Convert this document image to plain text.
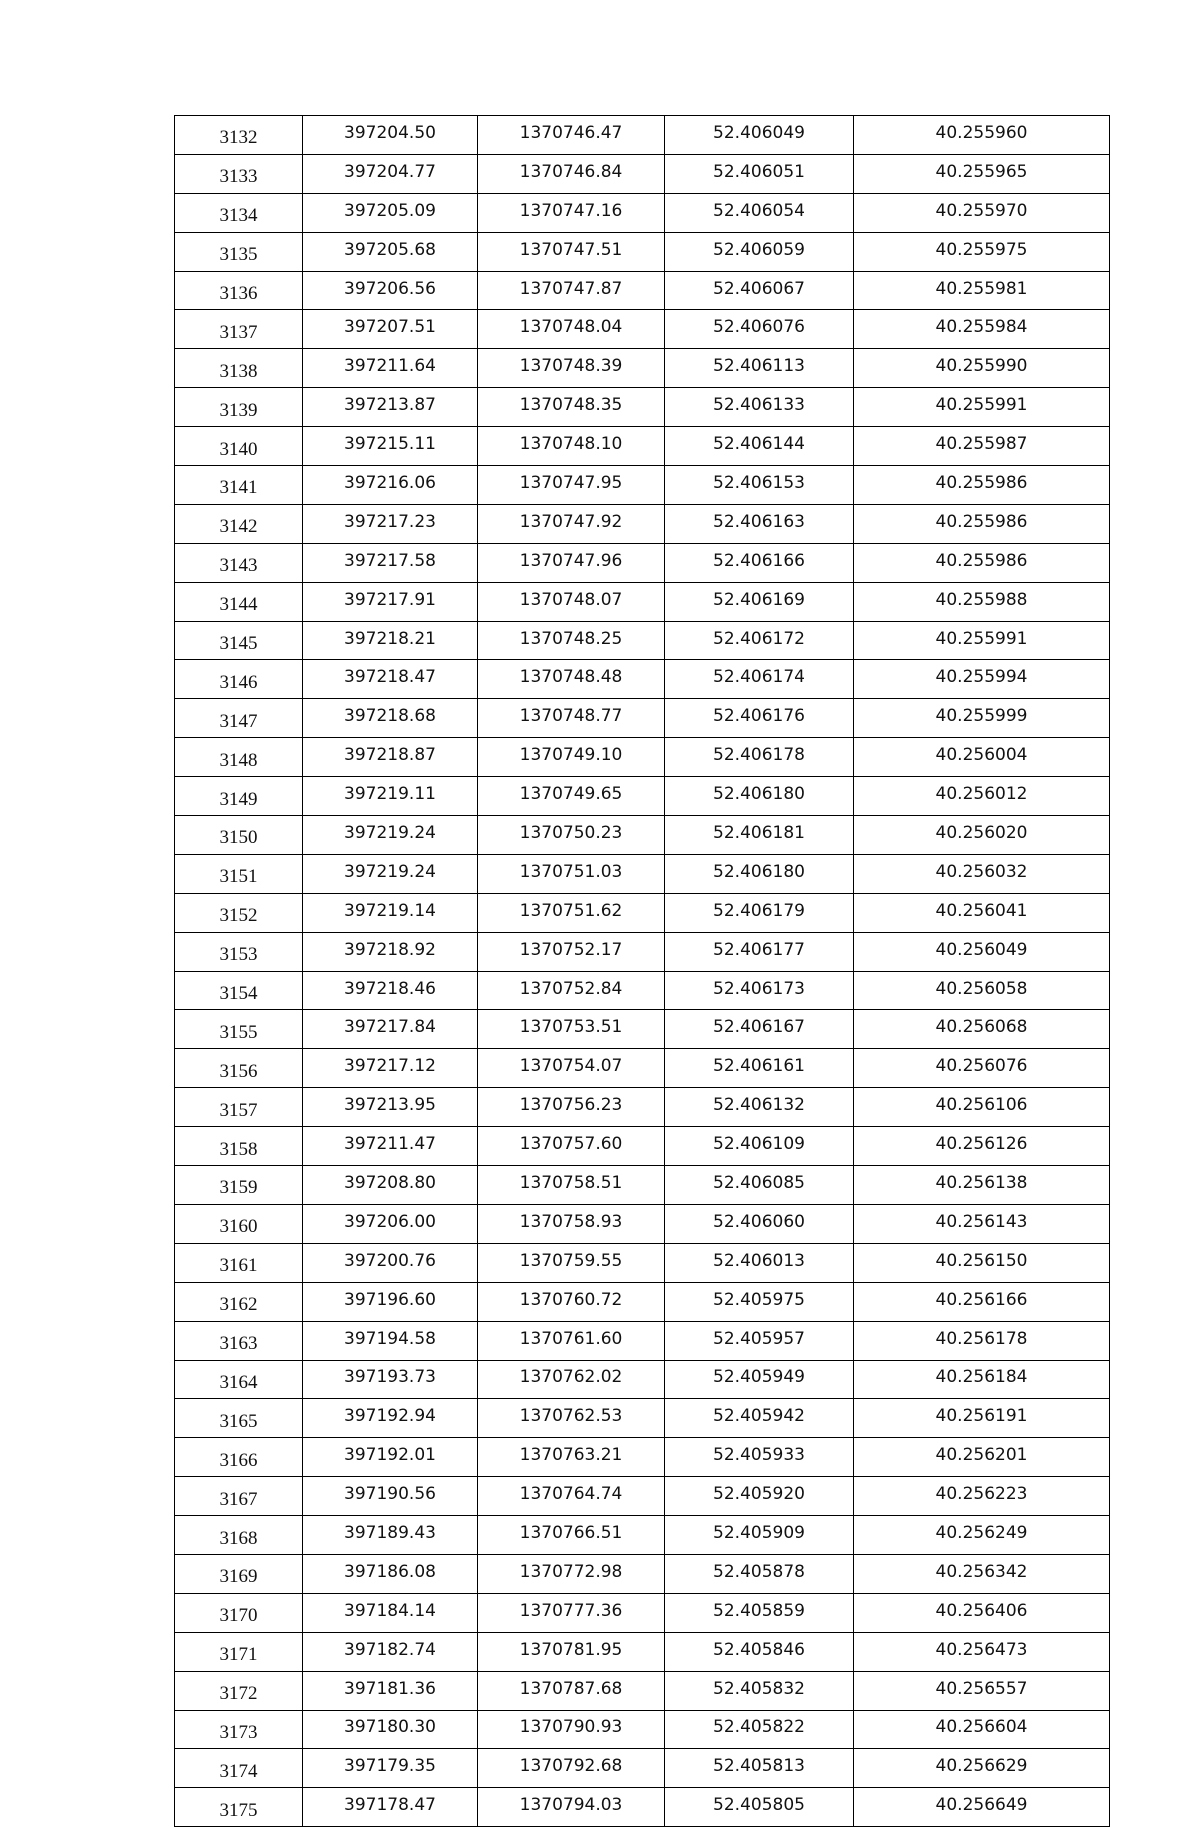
3132	397204.50	1370746.47	52.406049	40.255960
3133	397204.77	1370746.84	52.406051	40.255965
3134	397205.09	1370747.16	52.406054	40.255970
3135	397205.68	1370747.51	52.406059	40.255975
3136	397206.56	1370747.87	52.406067	40.255981
3137	397207.51	1370748.04	52.406076	40.255984
3138	397211.64	1370748.39	52.406113	40.255990
3139	397213.87	1370748.35	52.406133	40.255991
3140	397215.11	1370748.10	52.406144	40.255987
3141	397216.06	1370747.95	52.406153	40.255986
3142	397217.23	1370747.92	52.406163	40.255986
3143	397217.58	1370747.96	52.406166	40.255986
3144	397217.91	1370748.07	52.406169	40.255988
3145	397218.21	1370748.25	52.406172	40.255991
3146	397218.47	1370748.48	52.406174	40.255994
3147	397218.68	1370748.77	52.406176	40.255999
3148	397218.87	1370749.10	52.406178	40.256004
3149	397219.11	1370749.65	52.406180	40.256012
3150	397219.24	1370750.23	52.406181	40.256020
3151	397219.24	1370751.03	52.406180	40.256032
3152	397219.14	1370751.62	52.406179	40.256041
3153	397218.92	1370752.17	52.406177	40.256049
3154	397218.46	1370752.84	52.406173	40.256058
3155	397217.84	1370753.51	52.406167	40.256068
3156	397217.12	1370754.07	52.406161	40.256076
3157	397213.95	1370756.23	52.406132	40.256106
3158	397211.47	1370757.60	52.406109	40.256126
3159	397208.80	1370758.51	52.406085	40.256138
3160	397206.00	1370758.93	52.406060	40.256143
3161	397200.76	1370759.55	52.406013	40.256150
3162	397196.60	1370760.72	52.405975	40.256166
3163	397194.58	1370761.60	52.405957	40.256178
3164	397193.73	1370762.02	52.405949	40.256184
3165	397192.94	1370762.53	52.405942	40.256191
3166	397192.01	1370763.21	52.405933	40.256201
3167	397190.56	1370764.74	52.405920	40.256223
3168	397189.43	1370766.51	52.405909	40.256249
3169	397186.08	1370772.98	52.405878	40.256342
3170	397184.14	1370777.36	52.405859	40.256406
3171	397182.74	1370781.95	52.405846	40.256473
3172	397181.36	1370787.68	52.405832	40.256557
3173	397180.30	1370790.93	52.405822	40.256604
3174	397179.35	1370792.68	52.405813	40.256629
3175	397178.47	1370794.03	52.405805	40.256649
